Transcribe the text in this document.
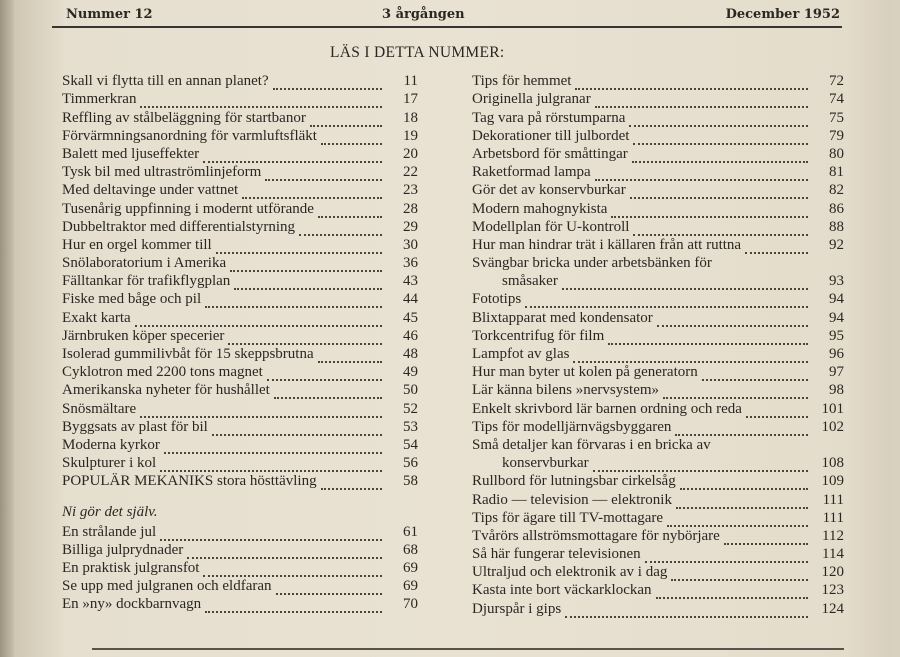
Nummer 12	3 årgången	December 1952
LÄS I DETTA NUMMER:
Skall vi flytta till en annan planet?	11
Timmerkran	17
Reffling av stålbeläggning för startbanor	18
Förvärmningsanordning för varmluftsfläkt	19
Balett med ljuseffekter	20
Tysk bil med ultraströmlinjeform	22
Med deltavinge under vattnet	23
Tusenårig uppfinning i modernt utförande	28
Dubbeltraktor med differentialstyrning	29
Hur en orgel kommer till	30
Snölaboratorium i Amerika	36
Fälltankar för trafikflygplan	43
Fiske med båge och pil	44
Exakt karta	45
Järnbruken köper specerier	46
Isolerad gummilivbåt för 15 skeppsbrutna	48
Cyklotron med 2200 tons magnet	49
Amerikanska nyheter för hushållet	50
Snösmältare	52
Byggsats av plast för bil	53
Moderna kyrkor	54
Skulpturer i kol	56
POPULÄR MEKANIKS stora hösttävling	58
Ni gör det själv.
En strålande jul	61
Billiga julprydnader	68
En praktisk julgransfot	69
Se upp med julgranen och eldfaran	69
En »ny» dockbarnvagn	70
Tips för hemmet	72
Originella julgranar	74
Tag vara på rörstumparna	75
Dekorationer till julbordet	79
Arbetsbord för småttingar	80
Raketformad lampa	81
Gör det av konservburkar	82
Modern mahognykista	86
Modellplan för U-kontroll	88
Hur man hindrar trät i källaren från att ruttna	92
Svängbar bricka under arbetsbänken för
småsaker	93
Fototips	94
Blixtapparat med kondensator	94
Torkcentrifug för film	95
Lampfot av glas	96
Hur man byter ut kolen på generatorn	97
Lär känna bilens »nervsystem»	98
Enkelt skrivbord lär barnen ordning och reda	101
Tips för modelljärnvägsbyggaren	102
Små detaljer kan förvaras i en bricka av
konservburkar	108
Rullbord för lutningsbar cirkelsåg	109
Radio — television — elektronik	111
Tips för ägare till TV-mottagare	111
Tvårörs allströmsmottagare för nybörjare	112
Så här fungerar televisionen	114
Ultraljud och elektronik av i dag	120
Kasta inte bort väckarklockan	123
Djurspår i gips	124
